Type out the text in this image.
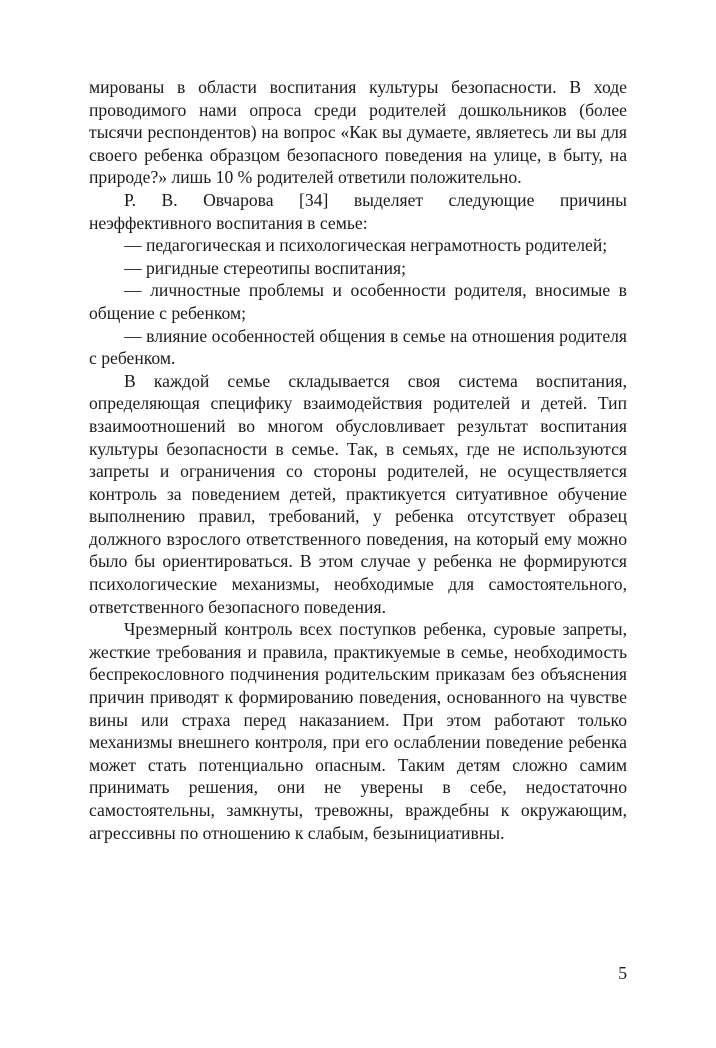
мированы в области воспитания культуры безопасности. В ходе проводимого нами опроса среди родителей дошкольников (более тысячи респондентов) на вопрос «Как вы думаете, являетесь ли вы для своего ребенка образцом безопасного поведения на улице, в быту, на природе?» лишь 10 % родителей ответили положительно.

Р. В. Овчарова [34] выделяет следующие причины неэффективного воспитания в семье:

— педагогическая и психологическая неграмотность родителей;

— ригидные стереотипы воспитания;

— личностные проблемы и особенности родителя, вносимые в общение с ребенком;

— влияние особенностей общения в семье на отношения родителя с ребенком.

В каждой семье складывается своя система воспитания, определяющая специфику взаимодействия родителей и детей. Тип взаимоотношений во многом обусловливает результат воспитания культуры безопасности в семье. Так, в семьях, где не используются запреты и ограничения со стороны родителей, не осуществляется контроль за поведением детей, практикуется ситуативное обучение выполнению правил, требований, у ребенка отсутствует образец должного взрослого ответственного поведения, на который ему можно было бы ориентироваться. В этом случае у ребенка не формируются психологические механизмы, необходимые для самостоятельного, ответственного безопасного поведения.

Чрезмерный контроль всех поступков ребенка, суровые запреты, жесткие требования и правила, практикуемые в семье, необходимость беспрекословного подчинения родительским приказам без объяснения причин приводят к формированию поведения, основанного на чувстве вины или страха перед наказанием. При этом работают только механизмы внешнего контроля, при его ослаблении поведение ребенка может стать потенциально опасным. Таким детям сложно самим принимать решения, они не уверены в себе, недостаточно самостоятельны, замкнуты, тревожны, враждебны к окружающим, агрессивны по отношению к слабым, безынициативны.

5
